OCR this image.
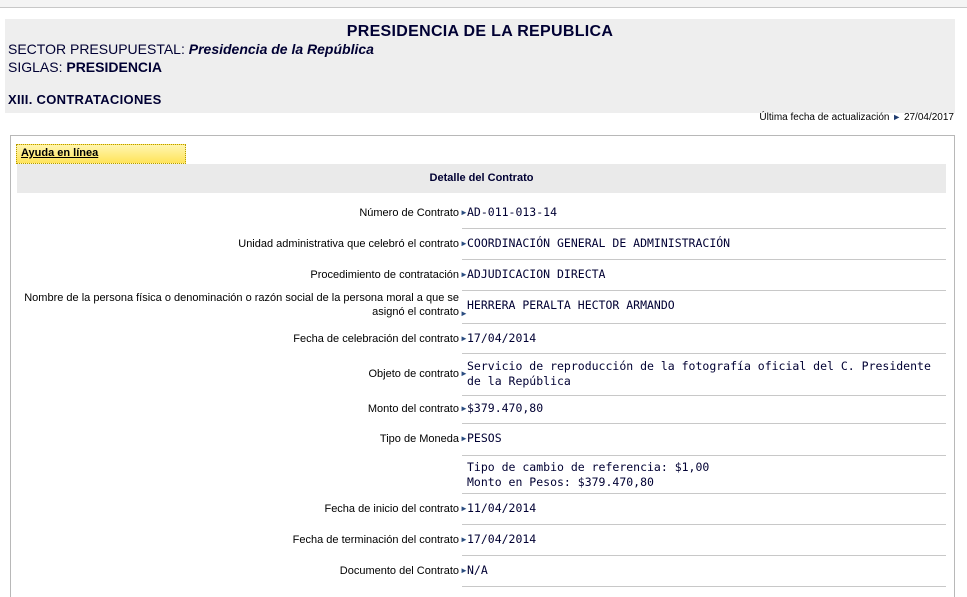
PRESIDENCIA DE LA REPUBLICA
SECTOR PRESUPUESTAL: Presidencia de la República
SIGLAS: PRESIDENCIA
XIII. CONTRATACIONES
Última fecha de actualización ► 27/04/2017
Ayuda en línea
Detalle del Contrato
Número de Contrato ► AD-011-013-14
Unidad administrativa que celebró el contrato ► COORDINACIÓN GENERAL DE ADMINISTRACIÓN
Procedimiento de contratación ► ADJUDICACION DIRECTA
Nombre de la persona física o denominación o razón social de la persona moral a que se asignó el contrato ►
HERRERA PERALTA HECTOR ARMANDO
Fecha de celebración del contrato ► 17/04/2014
Objeto de contrato ►
Servicio de reproducción de la fotografía oficial del C. Presidente de la República
Monto del contrato ► $379.470,80
Tipo de Moneda ► PESOS
Tipo de cambio de referencia: $1,00
Monto en Pesos: $379.470,80
Fecha de inicio del contrato ► 11/04/2014
Fecha de terminación del contrato ► 17/04/2014
Documento del Contrato ► N/A
